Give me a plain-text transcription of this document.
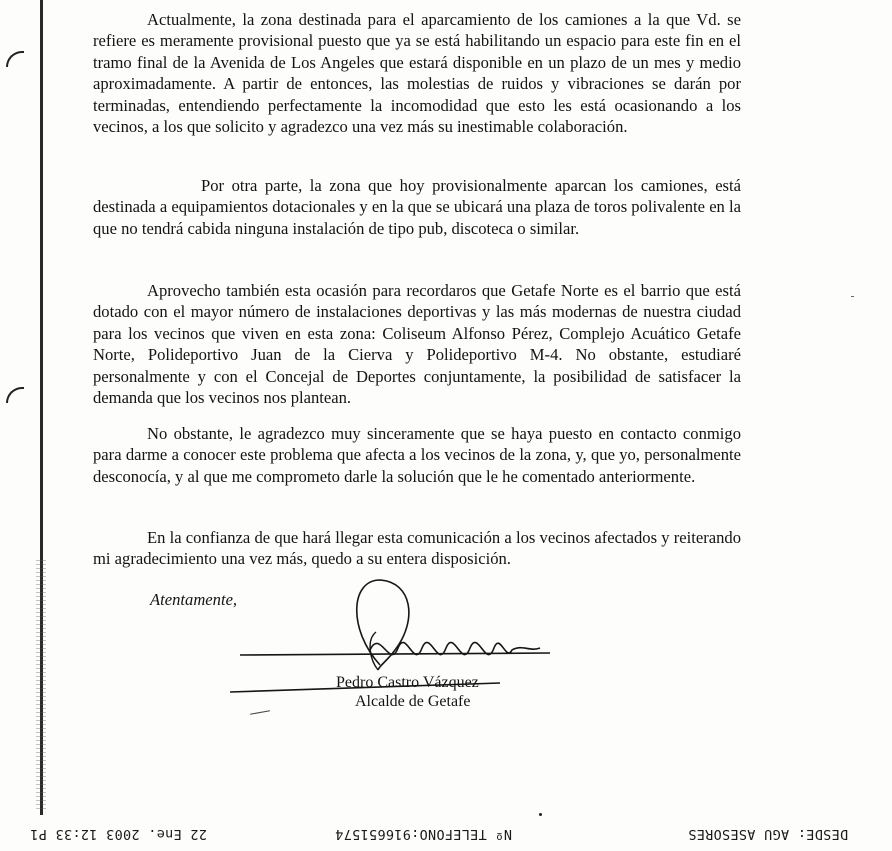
Actualmente, la zona destinada para el aparcamiento de los camiones a la que Vd. se refiere es meramente provisional puesto que ya se está habilitando un espacio para este fin en el tramo final de la Avenida de Los Angeles que estará disponible en un plazo de un mes y medio aproximadamente. A partir de entonces, las molestias de ruidos y vibraciones se darán por terminadas, entendiendo perfectamente la incomodidad que esto les está ocasionando a los vecinos, a los que solicito y agradezco una vez más su inestimable colaboración.

Por otra parte, la zona que hoy provisionalmente aparcan los camiones, está destinada a equipamientos dotacionales y en la que se ubicará una plaza de toros polivalente en la que no tendrá cabida ninguna instalación de tipo pub, discoteca o similar.

Aprovecho también esta ocasión para recordaros que Getafe Norte es el barrio que está dotado con el mayor número de instalaciones deportivas y las más modernas de nuestra ciudad para los vecinos que viven en esta zona: Coliseum Alfonso Pérez, Complejo Acuático Getafe Norte, Polideportivo Juan de la Cierva y Polideportivo M-4. No obstante, estudiaré personalmente y con el Concejal de Deportes conjuntamente, la posibilidad de satisfacer la demanda que los vecinos nos plantean.

No obstante, le agradezco muy sinceramente que se haya puesto en contacto conmigo para darme a conocer este problema que afecta a los vecinos de la zona, y, que yo, personalmente desconocía, y al que me comprometo darle la solución que le he comentado anteriormente.

En la confianza de que hará llegar esta comunicación a los vecinos afectados y reiterando mi agradecimiento una vez más, quedo a su entera disposición.

Atentamente,
Pedro Castro Vázquez
Alcalde de Getafe
DESDE: AGU ASESORES
Nº TELEFONO:916651574
22 Ene. 2003 12:33 P1
